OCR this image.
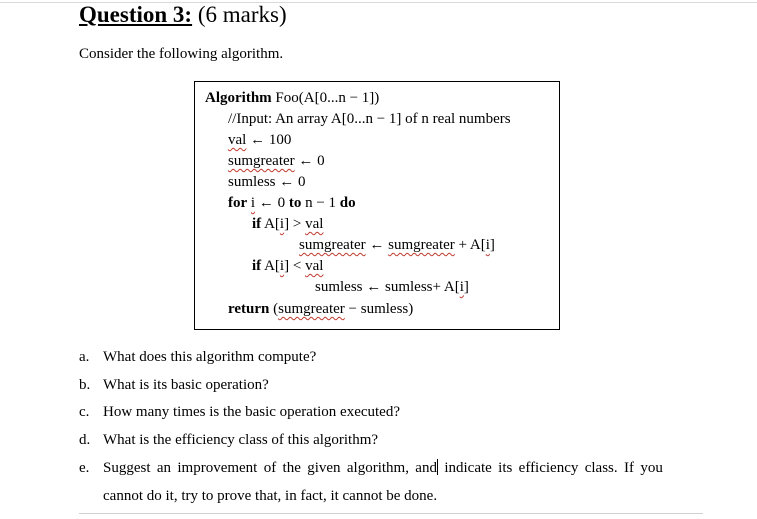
Question 3: (6 marks)
Consider the following algorithm.
Algorithm Foo(A[0...n − 1])
//Input: An array A[0...n − 1] of n real numbers
val ← 100
sumgreater ← 0
sumless ← 0
for i ← 0 to n − 1 do
if A[i] > val
sumgreater ← sumgreater + A[i]
if A[i] < val
sumless ← sumless+ A[i]
return (sumgreater − sumless)
a. What does this algorithm compute?
b. What is its basic operation?
c. How many times is the basic operation executed?
d. What is the efficiency class of this algorithm?
e. Suggest an improvement of the given algorithm, and indicate its efficiency class. If you
cannot do it, try to prove that, in fact, it cannot be done.
